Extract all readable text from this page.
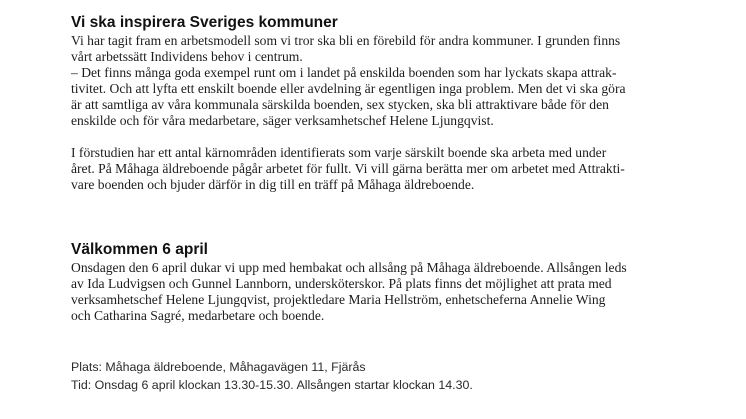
Vi ska inspirera Sveriges kommuner

Vi har tagit fram en arbetsmodell som vi tror ska bli en förebild för andra kommuner. I grunden finns
vårt arbetssätt Individens behov i centrum.
– Det finns många goda exempel runt om i landet på enskilda boenden som har lyckats skapa attrak-
tivitet. Och att lyfta ett enskilt boende eller avdelning är egentligen inga problem. Men det vi ska göra
är att samtliga av våra kommunala särskilda boenden, sex stycken, ska bli attraktivare både för den
enskilde och för våra medarbetare, säger verksamhetschef Helene Ljungqvist.

I förstudien har ett antal kärnområden identifierats som varje särskilt boende ska arbeta med under
året. På Måhaga äldreboende pågår arbetet för fullt. Vi vill gärna berätta mer om arbetet med Attrakti-
vare boenden och bjuder därför in dig till en träff på Måhaga äldreboende.

Välkommen 6 april

Onsdagen den 6 april dukar vi upp med hembakat och allsång på Måhaga äldreboende. Allsången leds
av Ida Ludvigsen och Gunnel Lannborn, undersköterskor. På plats finns det möjlighet att prata med
verksamhetschef Helene Ljungqvist, projektledare Maria Hellström, enhetscheferna Annelie Wing
och Catharina Sagré, medarbetare och boende.

Plats: Måhaga äldreboende, Måhagavägen 11, Fjärås
Tid: Onsdag 6 april klockan 13.30-15.30. Allsången startar klockan 14.30.
